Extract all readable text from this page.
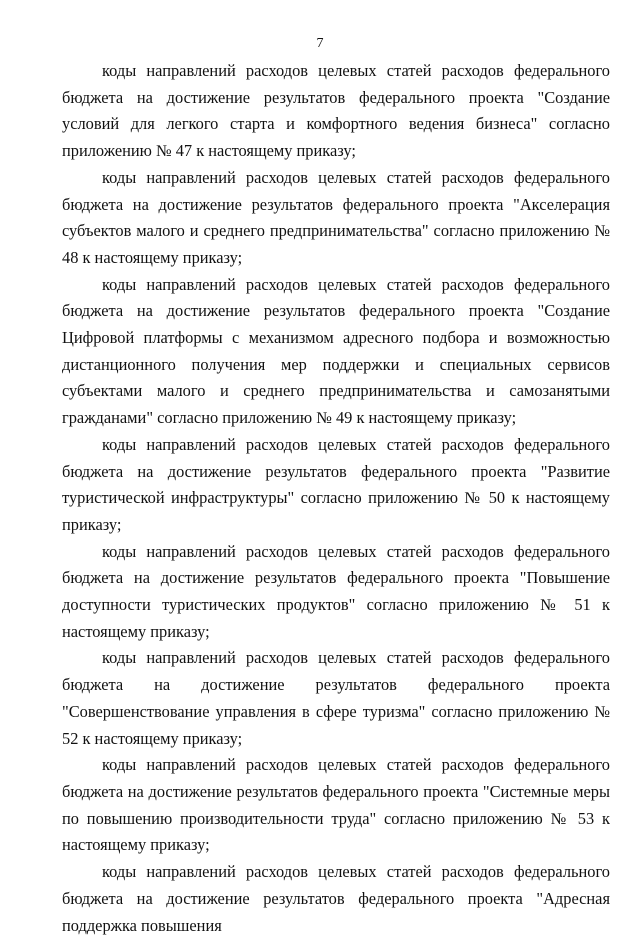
7

коды направлений расходов целевых статей расходов федерального бюджета на достижение результатов федерального проекта "Создание условий для легкого старта и комфортного ведения бизнеса" согласно приложению № 47 к настоящему приказу;

коды направлений расходов целевых статей расходов федерального бюджета на достижение результатов федерального проекта "Акселерация субъектов малого и среднего предпринимательства" согласно приложению № 48 к настоящему приказу;

коды направлений расходов целевых статей расходов федерального бюджета на достижение результатов федерального проекта "Создание Цифровой платформы с механизмом адресного подбора и возможностью дистанционного получения мер поддержки и специальных сервисов субъектами малого и среднего предпринимательства и самозанятыми гражданами" согласно приложению № 49 к настоящему приказу;

коды направлений расходов целевых статей расходов федерального бюджета на достижение результатов федерального проекта "Развитие туристической инфраструктуры" согласно приложению № 50 к настоящему приказу;

коды направлений расходов целевых статей расходов федерального бюджета на достижение результатов федерального проекта "Повышение доступности туристических продуктов" согласно приложению № 51 к настоящему приказу;

коды направлений расходов целевых статей расходов федерального бюджета на достижение результатов федерального проекта "Совершенствование управления в сфере туризма" согласно приложению № 52 к настоящему приказу;

коды направлений расходов целевых статей расходов федерального бюджета на достижение результатов федерального проекта "Системные меры по повышению производительности труда" согласно приложению № 53 к настоящему приказу;

коды направлений расходов целевых статей расходов федерального бюджета на достижение результатов федерального проекта "Адресная поддержка повышения
